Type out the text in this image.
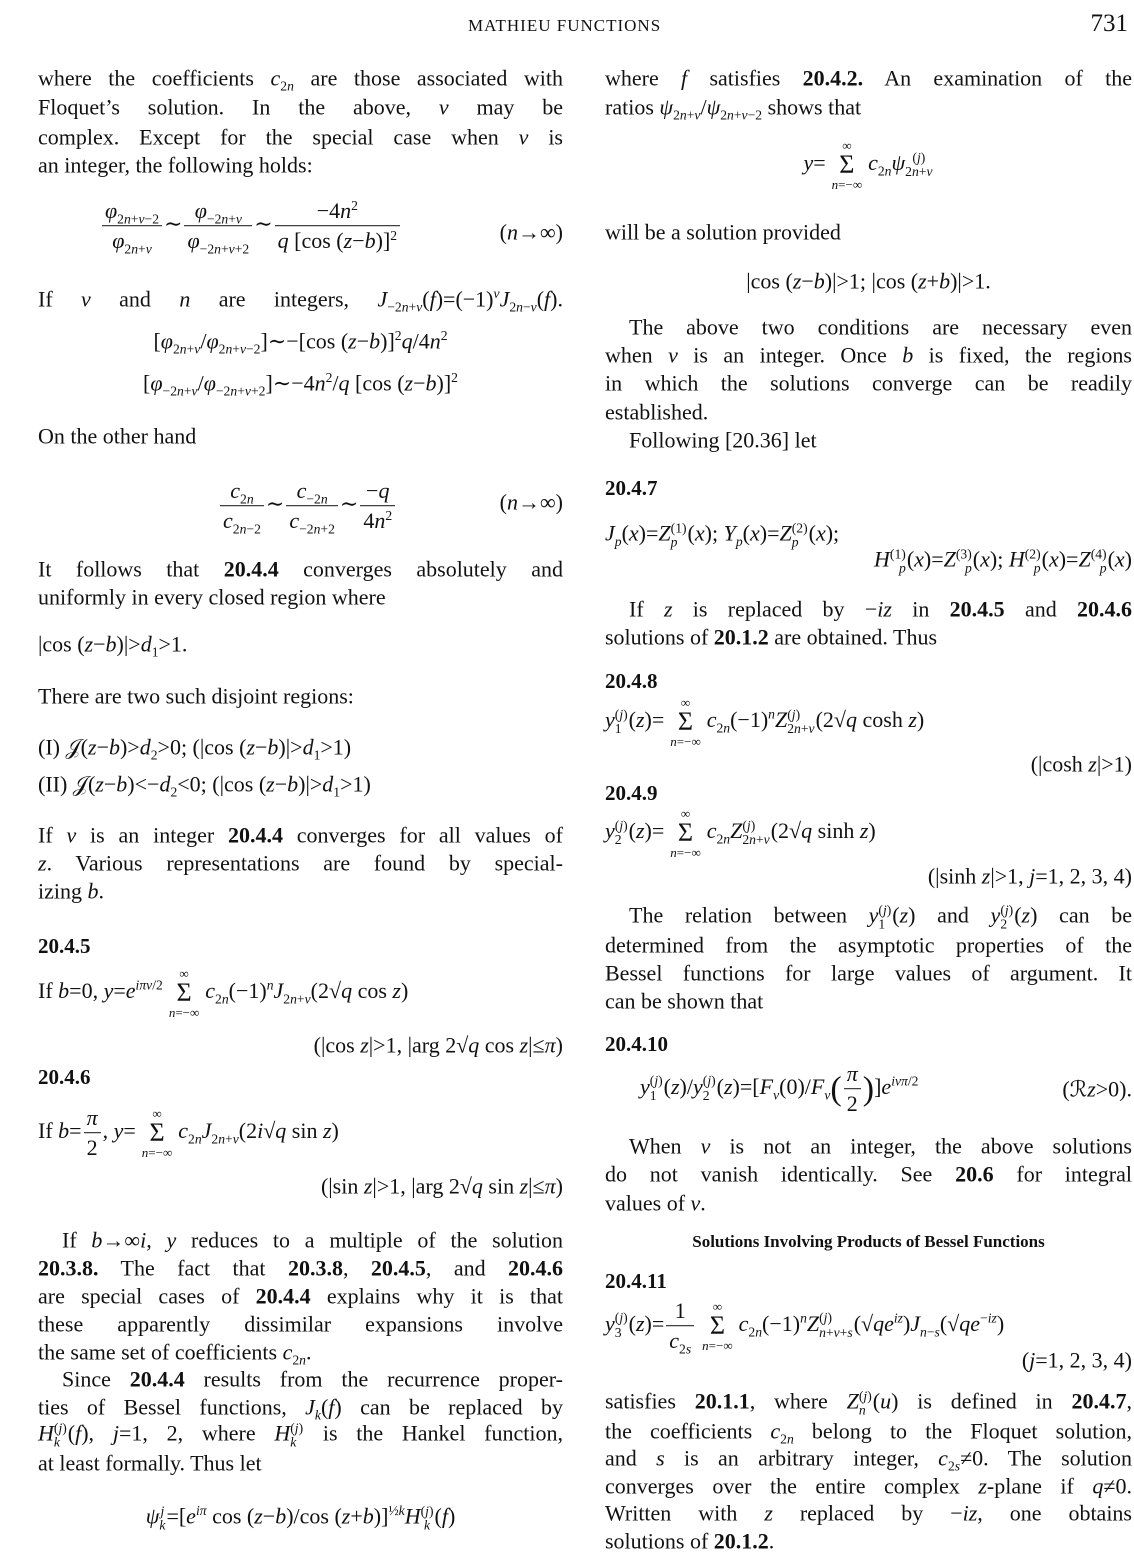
MATHIEU FUNCTIONS	731
where the coefficients $c_{2n}$ are those associated with
Floquet’s solution. In the above, ν may be
complex. Except for the special case when ν is
an integer, the following holds:
$\frac{\varphi_{2n+\nu-2}}{\varphi_{2n+\nu}}$ ∼ $\frac{\varphi_{-2n+\nu}}{\varphi_{-2n+\nu+2}}$ ∼ $\frac{-4n^2}{q [\cos (z-b)]^2}$	(n→∞)
If ν and n are integers, $J_{-2n+\nu}(f)=(-1)^\nu J_{2n-\nu}(f)$.
$[\varphi_{2n+\nu}/\varphi_{2n+\nu-2}]\sim-[\cos$ $(z-b)]^2q/4n^2$
$[\varphi_{-2n+\nu}/\varphi_{-2n+\nu+2}]\sim-4n^2/q$ [cos (z−b)]$^2$
On the other hand
$\frac{c_{2n}}{c_{2n-2}}$ ∼ $\frac{c_{-2n}}{c_{-2n+2}}$ ∼ $\frac{-q}{4n^2}$	(n→∞)
It follows that 20.4.4 converges absolutely and
uniformly in every closed region where
|cos $(z-b)|>d_1>1$.
There are two such disjoint regions:
(I) $𝒥(z-b)>d_2>0$; (|cos $(z-b)|>d_1>1$)
(II) $𝒥(z-b)<-d_2<0$; (|cos $(z-b)|>d_1>1$)
If ν is an integer 20.4.4 converges for all values of
z. Various representations are found by special-
izing b.
20.4.5
If b=0, $y=e^{i\pi\nu/2}$
∞
Σ
n=−∞
$c_{2n}(-1)^nJ_{2n+\nu}(2√q$ cos z)
(|cos z|>1, |arg 2√q cos z|≤π)
20.4.6
If $b= \frac{\pi}{2}$ , y=
∞
Σ
n=−∞
$c_{2n}J_{2n+\nu}(2i√q$ sin z)
(|sin z|>1, |arg 2√q sin z|≤π)
If b→∞i, y reduces to a multiple of the solution
20.3.8. The fact that 20.3.8, 20.4.5, and 20.4.6
are special cases of 20.4.4 explains why it is that
these apparently dissimilar expansions involve
the same set of coefficients $c_{2n}$.
Since 20.4.4 results from the recurrence proper-
ties of Bessel functions, $J_k(f)$ can be replaced by
H (j)
k (f), j=1, 2, where H (j)
k is the Hankel function,
at least formally. Thus let
ψ j
$k =[e^{i\pi}$ cos (z−b)/cos (z+b)]$^{\frac{1}{2}k}$H (j)
k (f)
where f satisfies 20.4.2. An examination of the
ratios $\psi_{2n+\nu}/\psi_{2n+\nu-2}$ shows that
y=
∞
Σ
n=−∞
$c_{2n}\psi$ (j)
2n+ν
will be a solution provided
|cos (z−b)|>1; |cos (z+b)|>1.
The above two conditions are necessary even
when ν is an integer. Once b is fixed, the regions
in which the solutions converge can be readily
established.
Following [20.36] let
20.4.7
$J_p(x)=Z$ (1)
p (x); $Y_p(x)=Z$ (2)
p (x);
H (1)
p (x)=Z (3)
p (x); H (2)
p (x)=Z (4)
p (x)
If z is replaced by −iz in 20.4.5 and 20.4.6
solutions of 20.1.2 are obtained. Thus
20.4.8
y (j)
1 (z)=
∞
Σ
n=−∞
$c_{2n}(-1)^nZ$ (j)
2n+ν (2√q cosh z)
(|cosh z|>1)
20.4.9
y (j)
2 (z)=
∞
Σ
n=−∞
$c_{2n}Z$ (j)
2n+ν (2√q sinh z)
(|sinh z|>1, j=1, 2, 3, 4)
The relation between y (j)
1 (z) and y (j)
2 (z) can be
determined from the asymptotic properties of the
Bessel functions for large values of argument. It
can be shown that
20.4.10
y (j)
1 (z)/y (j)
2 $(z)=[F_\nu(0)/F_\nu( \frac{\pi}{2} )]e^{i\nu\pi/2}$	(ℛz>0).
When ν is not an integer, the above solutions
do not vanish identically. See 20.6 for integral
values of ν.
Solutions Involving Products of Bessel Functions
20.4.11
y (j)
3 $(z)= \frac{1}{c_{2s}}$ ∞
Σ
n=−∞
$c_{2n}(-1)^nZ$ (j)
n+ν+s $(√qe^{iz})J_{n-s}(√qe^{-iz})$
(j=1, 2, 3, 4)
satisfies 20.1.1, where Z (j)
n (u) is defined in 20.4.7,
the coefficients $c_{2n}$ belong to the Floquet solution,
and s is an arbitrary integer, $c_{2s}\ne 0$. The solution
converges over the entire complex z-plane if q≠0.
Written with z replaced by −iz, one obtains
solutions of 20.1.2.
